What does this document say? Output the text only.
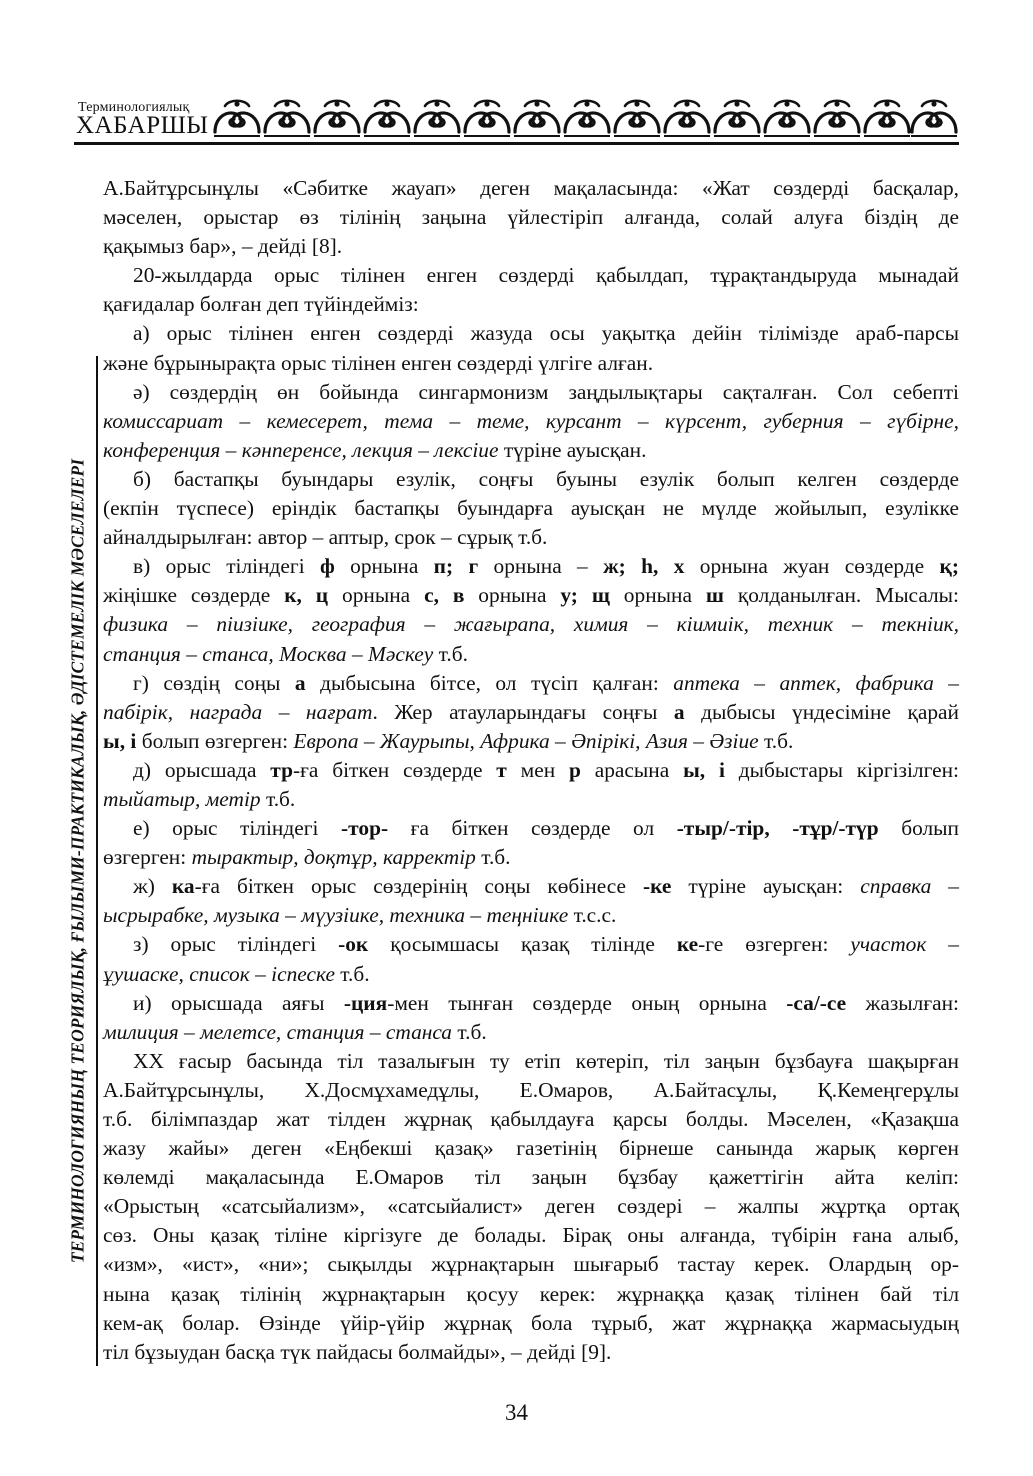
Терминологиялық
ХАБАРШЫ
ТЕРМИНОЛОГИЯНЫҢ ТЕОРИЯЛЫҚ, ҒЫЛЫМИ-ПРАКТИКАЛЫҚ, ӘДІСТЕМЕЛІК МӘСЕЛЕЛЕРІ
А.Байтұрсынұлы «Сәбитке жауап» деген мақаласында: «Жат сөздерді басқалар,
мәселен, орыстар өз тілінің заңына үйлестіріп алғанда, солай алуға біздің де
қақымыз бар», – дейді [8].
20-жылдарда орыс тілінен енген сөздерді қабылдап, тұрақтандыруда мынадай
қағидалар болған деп түйіндейміз:
а) орыс тілінен енген сөздерді жазуда осы уақытқа дейін тілімізде араб-парсы
және бұрынырақта орыс тілінен енген сөздерді үлгіге алған.
ә) сөздердің өн бойында сингармонизм заңдылықтары сақталған. Сол себепті
комиссариат – кемесерет, тема – теме, курсант – күрсент, губерния – гүбірне,
конференция – кәнперенсе, лекция – лексіие түріне ауысқан.
б) бастапқы буындары езулік, соңғы буыны езулік болып келген сөздерде
(екпін түспесе) еріндік бастапқы буындарға ауысқан не мүлде жойылып, езулікке
айналдырылған: автор – аптыр, срок – сұрық т.б.
в) орыс тіліндегі ф орнына п; г орнына – ж; һ, х орнына жуан сөздерде қ;
жіңішке сөздерде к, ц орнына с, в орнына у; щ орнына ш қолданылған. Мысалы:
физика – піизіике, география – жағырапа, химия – кіимиік, техник – текніик,
станция – станса, Москва – Мәскеу т.б.
г) сөздің соңы а дыбысына бітсе, ол түсіп қалған: аптека – аптек, фабрика –
пабірік, награда – нағрат. Жер атауларындағы соңғы а дыбысы үндесіміне қарай
ы, і болып өзгерген: Европа – Жаурыпы, Африка – Әпірікі, Азия – Әзіие т.б.
д) орысшада тр-ға біткен сөздерде т мен р арасына ы, і дыбыстары кіргізілген:
тыйатыр, метір т.б.
е) орыс тіліндегі -тор- ға біткен сөздерде ол -тыр/-тір, -тұр/-түр болып
өзгерген: тырактыр, доқтұр, карректір т.б.
ж) ка-ға біткен орыс сөздерінің соңы көбінесе -ке түріне ауысқан: справка –
ысрырабке, музыка – мүузіике, техника – теңніике т.с.с.
з) орыс тіліндегі -ок қосымшасы қазақ тілінде ке-ге өзгерген: участок –
ұушаске, список – іспеске т.б.
и) орысшада аяғы -ция-мен тынған сөздерде оның орнына -са/-се жазылған:
милиция – мелетсе, станция – станса т.б.
ХХ ғасыр басында тіл тазалығын ту етіп көтеріп, тіл заңын бұзбауға шақырған
А.Байтұрсынұлы, Х.Досмұхамедұлы, Е.Омаров, А.Байтасұлы, Қ.Кемеңгерұлы
т.б. білімпаздар жат тілден жұрнақ қабылдауға қарсы болды. Мәселен, «Қазақша
жазу жайы» деген «Еңбекші қазақ» газетінің бірнеше санында жарық көрген
көлемді мақаласында Е.Омаров тіл заңын бұзбау қажеттігін айта келіп:
«Орыстың «сатсыйализм», «сатсыйалист» деген сөздері – жалпы жұртқа ортақ
сөз. Оны қазақ тіліне кіргізуге де болады. Бірақ оны алғанда, түбірін ғана алыб,
«изм», «ист», «ни»; сықылды жұрнақтарын шығарыб тастау керек. Олардың ор-
нына қазақ тілінің жұрнақтарын қосуу керек: жұрнаққа қазақ тілінен бай тіл
кем-ақ болар. Өзінде үйір-үйір жұрнақ бола тұрыб, жат жұрнаққа жармасыудың
тіл бұзыудан басқа түк пайдасы болмайды», – дейді [9].
34
